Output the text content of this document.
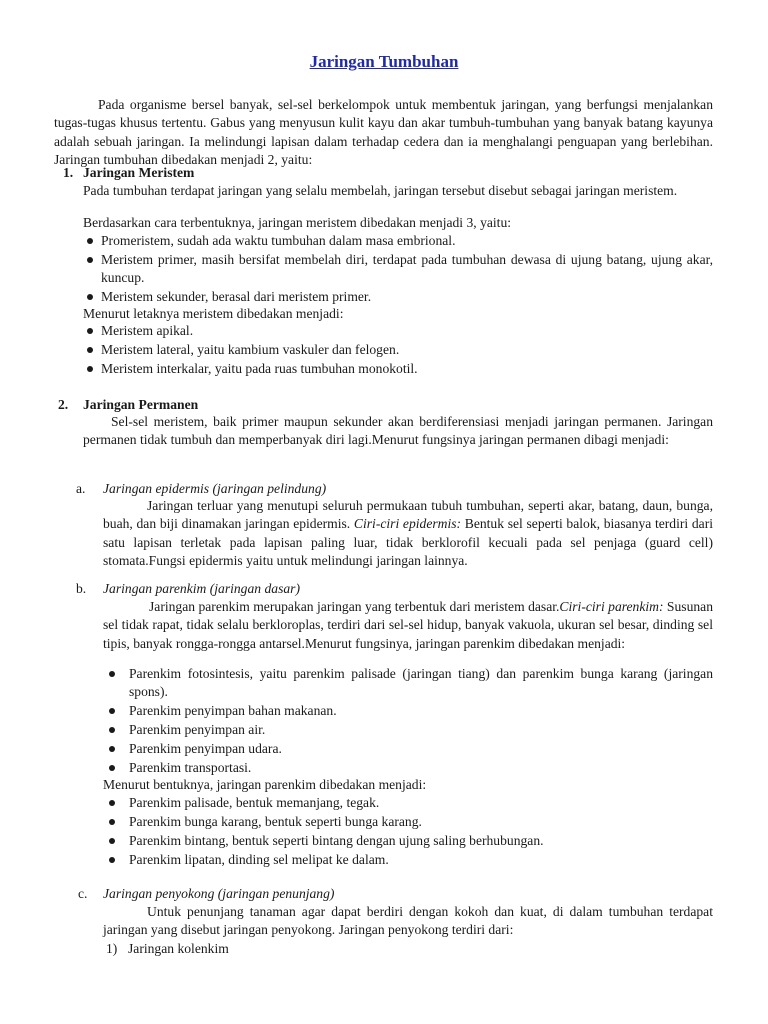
Jaringan Tumbuhan

Pada organisme bersel banyak, sel-sel berkelompok untuk membentuk jaringan, yang berfungsi menjalankan tugas-tugas khusus tertentu. Gabus yang menyusun kulit kayu dan akar tumbuh-tumbuhan yang banyak batang kayunya adalah sebuah jaringan. Ia melindungi lapisan dalam terhadap cedera dan ia menghalangi penguapan yang berlebihan. Jaringan tumbuhan dibedakan menjadi 2, yaitu:

1. Jaringan Meristem

Pada tumbuhan terdapat jaringan yang selalu membelah, jaringan tersebut disebut sebagai jaringan meristem.

Berdasarkan cara terbentuknya, jaringan meristem dibedakan menjadi 3, yaitu:

Promeristem, sudah ada waktu tumbuhan dalam masa embrional.
Meristem primer, masih bersifat membelah diri, terdapat pada tumbuhan dewasa di ujung batang, ujung akar, kuncup.
Meristem sekunder, berasal dari meristem primer.

Menurut letaknya meristem dibedakan menjadi:

Meristem apikal.
Meristem lateral, yaitu kambium vaskuler dan felogen.
Meristem interkalar, yaitu pada ruas tumbuhan monokotil.
2. Jaringan Permanen

Sel-sel meristem, baik primer maupun sekunder akan berdiferensiasi menjadi jaringan permanen. Jaringan permanen tidak tumbuh dan memperbanyak diri lagi.Menurut fungsinya jaringan permanen dibagi menjadi:

a. Jaringan epidermis (jaringan pelindung)

Jaringan terluar yang menutupi seluruh permukaan tubuh tumbuhan, seperti akar, batang, daun, bunga, buah, dan biji dinamakan jaringan epidermis. Ciri-ciri epidermis: Bentuk sel seperti balok, biasanya terdiri dari satu lapisan terletak pada lapisan paling luar, tidak berklorofil kecuali pada sel penjaga (guard cell) stomata.Fungsi epidermis yaitu untuk melindungi jaringan lainnya.

b. Jaringan parenkim (jaringan dasar)

Jaringan parenkim merupakan jaringan yang terbentuk dari meristem dasar.Ciri-ciri parenkim: Susunan sel tidak rapat, tidak selalu berkloroplas, terdiri dari sel-sel hidup, banyak vakuola, ukuran sel besar, dinding sel tipis, banyak rongga-rongga antarsel.Menurut fungsinya, jaringan parenkim dibedakan menjadi:

Parenkim fotosintesis, yaitu parenkim palisade (jaringan tiang) dan parenkim bunga karang (jaringan spons).
Parenkim penyimpan bahan makanan.
Parenkim penyimpan air.
Parenkim penyimpan udara.
Parenkim transportasi.

Menurut bentuknya, jaringan parenkim dibedakan menjadi:

Parenkim palisade, bentuk memanjang, tegak.
Parenkim bunga karang, bentuk seperti bunga karang.
Parenkim bintang, bentuk seperti bintang dengan ujung saling berhubungan.
Parenkim lipatan, dinding sel melipat ke dalam.
c. Jaringan penyokong (jaringan penunjang)

Untuk penunjang tanaman agar dapat berdiri dengan kokoh dan kuat, di dalam tumbuhan terdapat jaringan yang disebut jaringan penyokong. Jaringan penyokong terdiri dari:

1) Jaringan kolenkim
